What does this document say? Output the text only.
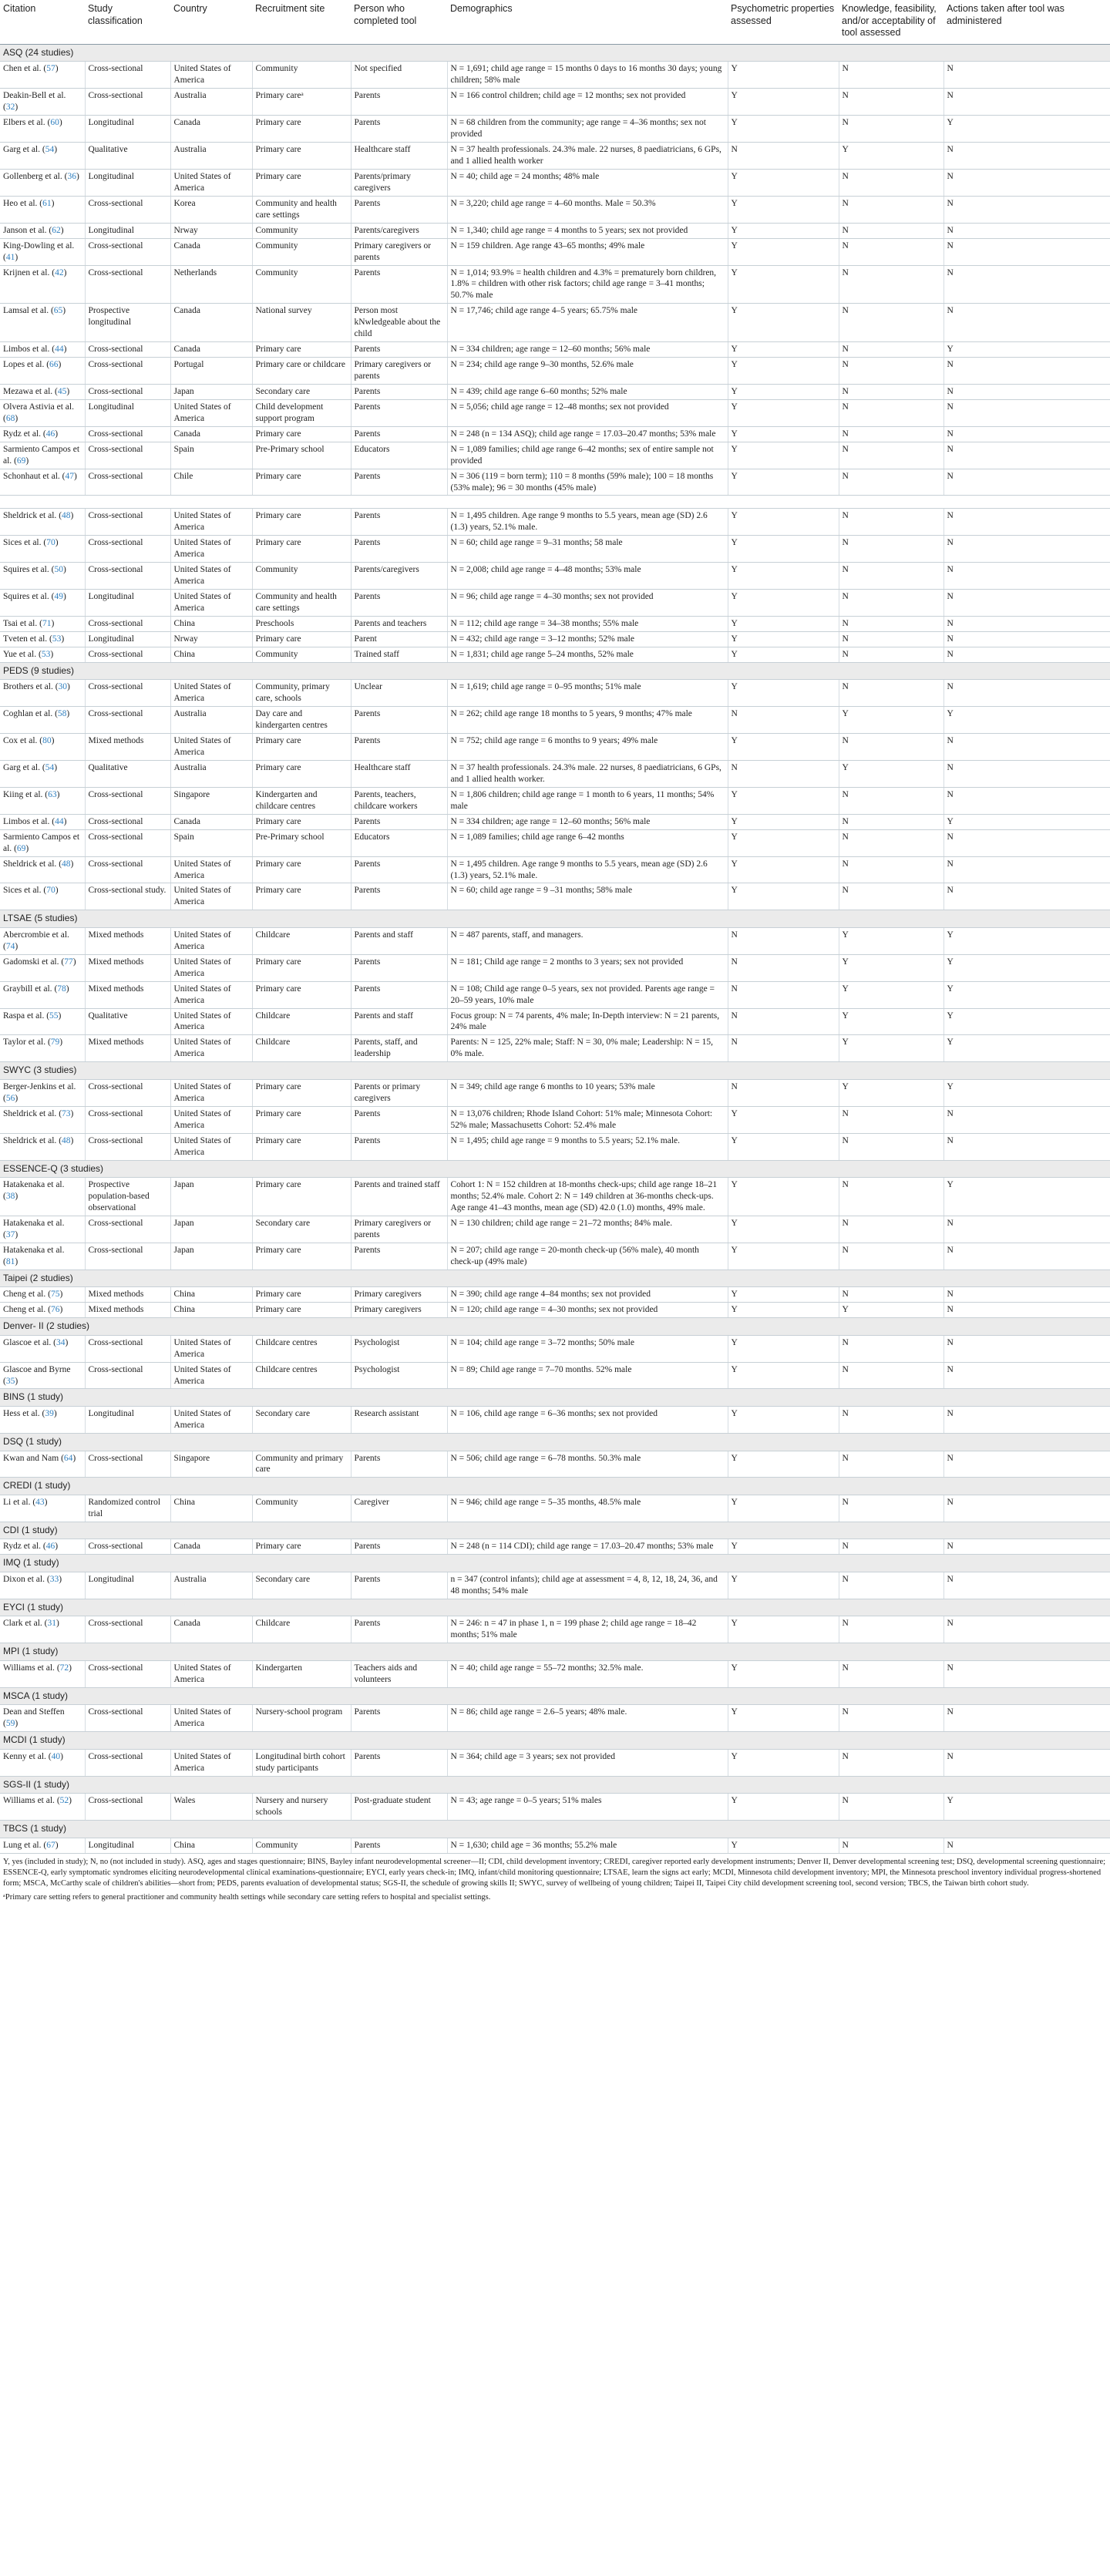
Citation	Study classification	Country	Recruitment site	Person who completed tool	Demographics	Psychometric properties assessed	Knowledge, feasibility, and/or acceptability of tool assessed	Actions taken after tool was administered
ASQ (24 studies)								
Chen et al. (57)	Cross-sectional	United States of America	Community	Not specified	N = 1,691; child age range = 15 months 0 days to 16 months 30 days; young children; 58% male	Y	N	N
Deakin-Bell et al. (32)	Cross-sectional	Australia	Primary careᵃ	Parents	N = 166 control children; child age = 12 months; sex not provided	Y	N	N
Elbers et al. (60)	Longitudinal	Canada	Primary care	Parents	N = 68 children from the community; age range = 4–36 months; sex not provided	Y	N	Y
Garg et al. (54)	Qualitative	Australia	Primary care	Healthcare staff	N = 37 health professionals. 24.3% male. 22 nurses, 8 paediatricians, 6 GPs, and 1 allied health worker	N	Y	N
Gollenberg et al. (36)	Longitudinal	United States of America	Primary care	Parents/primary caregivers	N = 40; child age = 24 months; 48% male	Y	N	N
Heo et al. (61)	Cross-sectional	Korea	Community and health care settings	Parents	N = 3,220; child age range = 4–60 months. Male = 50.3%	Y	N	N
Janson et al. (62)	Longitudinal	Nrway	Community	Parents/caregivers	N = 1,340; child age range = 4 months to 5 years; sex not provided	Y	N	N
King-Dowling et al. (41)	Cross-sectional	Canada	Community	Primary caregivers or parents	N = 159 children. Age range 43–65 months; 49% male	Y	N	N
Krijnen et al. (42)	Cross-sectional	Netherlands	Community	Parents	N = 1,014; 93.9% = health children and 4.3% = prematurely born children, 1.8% = children with other risk factors; child age range = 3–41 months; 50.7% male	Y	N	N
Lamsal et al. (65)	Prospective longitudinal	Canada	National survey	Person most kNwledgeable about the child	N = 17,746; child age range 4–5 years; 65.75% male	Y	N	N
Limbos et al. (44)	Cross-sectional	Canada	Primary care	Parents	N = 334 children; age range = 12–60 months; 56% male	Y	N	Y
Lopes et al. (66)	Cross-sectional	Portugal	Primary care or childcare	Primary caregivers or parents	N = 234; child age range 9–30 months, 52.6% male	Y	N	N
Mezawa et al. (45)	Cross-sectional	Japan	Secondary care	Parents	N = 439; child age range 6–60 months; 52% male	Y	N	N
Olvera Astivia et al. (68)	Longitudinal	United States of America	Child development support program	Parents	N = 5,056; child age range = 12–48 months; sex not provided	Y	N	N
Rydz et al. (46)	Cross-sectional	Canada	Primary care	Parents	N = 248 (n = 134 ASQ); child age range = 17.03–20.47 months; 53% male	Y	N	N
Sarmiento Campos et al. (69)	Cross-sectional	Spain	Pre-Primary school	Educators	N = 1,089 families; child age range 6–42 months; sex of entire sample not provided	Y	N	N
Schonhaut et al. (47)	Cross-sectional	Chile	Primary care	Parents	N = 306 (119 = born term); 110 = 8 months (59% male); 100 = 18 months (53% male); 96 = 30 months (45% male)	Y	N	N

Sheldrick et al. (48)	Cross-sectional	United States of America	Primary care	Parents	N = 1,495 children. Age range 9 months to 5.5 years, mean age (SD) 2.6 (1.3) years, 52.1% male.	Y	N	N
Sices et al. (70)	Cross-sectional	United States of America	Primary care	Parents	N = 60; child age range = 9–31 months; 58 male	Y	N	N
Squires et al. (50)	Cross-sectional	United States of America	Community	Parents/caregivers	N = 2,008; child age range = 4–48 months; 53% male	Y	N	N
Squires et al. (49)	Longitudinal	United States of America	Community and health care settings	Parents	N = 96; child age range = 4–30 months; sex not provided	Y	N	N
Tsai et al. (71)	Cross-sectional	China	Preschools	Parents and teachers	N = 112; child age range = 34–38 months; 55% male	Y	N	N
Tveten et al. (53)	Longitudinal	Nrway	Primary care	Parent	N = 432; child age range = 3–12 months; 52% male	Y	N	N
Yue et al. (53)	Cross-sectional	China	Community	Trained staff	N = 1,831; child age range 5–24 months, 52% male	Y	N	N
PEDS (9 studies)								
Brothers et al. (30)	Cross-sectional	United States of America	Community, primary care, schools	Unclear	N = 1,619; child age range = 0–95 months; 51% male	Y	N	N
Coghlan et al. (58)	Cross-sectional	Australia	Day care and kindergarten centres	Parents	N = 262; child age range 18 months to 5 years, 9 months; 47% male	N	Y	Y
Cox et al. (80)	Mixed methods	United States of America	Primary care	Parents	N = 752; child age range = 6 months to 9 years; 49% male	Y	N	N
Garg et al. (54)	Qualitative	Australia	Primary care	Healthcare staff	N = 37 health professionals. 24.3% male. 22 nurses, 8 paediatricians, 6 GPs, and 1 allied health worker.	N	Y	N
Kiing et al. (63)	Cross-sectional	Singapore	Kindergarten and childcare centres	Parents, teachers, childcare workers	N = 1,806 children; child age range = 1 month to 6 years, 11 months; 54% male	Y	N	N
Limbos et al. (44)	Cross-sectional	Canada	Primary care	Parents	N = 334 children; age range = 12–60 months; 56% male	Y	N	Y
Sarmiento Campos et al. (69)	Cross-sectional	Spain	Pre-Primary school	Educators	N = 1,089 families; child age range 6–42 months	Y	N	N
Sheldrick et al. (48)	Cross-sectional	United States of America	Primary care	Parents	N = 1,495 children. Age range 9 months to 5.5 years, mean age (SD) 2.6 (1.3) years, 52.1% male.	Y	N	N
Sices et al. (70)	Cross-sectional study.	United States of America	Primary care	Parents	N = 60; child age range = 9 –31 months; 58% male	Y	N	N
LTSAE (5 studies)								
Abercrombie et al. (74)	Mixed methods	United States of America	Childcare	Parents and staff	N = 487 parents, staff, and managers.	N	Y	Y
Gadomski et al. (77)	Mixed methods	United States of America	Primary care	Parents	N = 181; Child age range = 2 months to 3 years; sex not provided	N	Y	Y
Graybill et al. (78)	Mixed methods	United States of America	Primary care	Parents	N = 108; Child age range 0–5 years, sex not provided. Parents age range = 20–59 years, 10% male	N	Y	Y
Raspa et al. (55)	Qualitative	United States of America	Childcare	Parents and staff	Focus group: N = 74 parents, 4% male; In-Depth interview: N = 21 parents, 24% male	N	Y	Y
Taylor et al. (79)	Mixed methods	United States of America	Childcare	Parents, staff, and leadership	Parents: N = 125, 22% male; Staff: N = 30, 0% male; Leadership: N = 15, 0% male.	N	Y	Y
SWYC (3 studies)								
Berger-Jenkins et al. (56)	Cross-sectional	United States of America	Primary care	Parents or primary caregivers	N = 349; child age range 6 months to 10 years; 53% male	N	Y	Y
Sheldrick et al. (73)	Cross-sectional	United States of America	Primary care	Parents	N = 13,076 children; Rhode Island Cohort: 51% male; Minnesota Cohort: 52% male; Massachusetts Cohort: 52.4% male	Y	N	N
Sheldrick et al. (48)	Cross-sectional	United States of America	Primary care	Parents	N = 1,495; child age range = 9 months to 5.5 years; 52.1% male.	Y	N	N
ESSENCE-Q (3 studies)								
Hatakenaka et al. (38)	Prospective population-based observational	Japan	Primary care	Parents and trained staff	Cohort 1: N = 152 children at 18-months check-ups; child age range 18–21 months; 52.4% male. Cohort 2: N = 149 children at 36-months check-ups. Age range 41–43 months, mean age (SD) 42.0 (1.0) months, 49% male.	Y	N	Y
Hatakenaka et al. (37)	Cross-sectional	Japan	Secondary care	Primary caregivers or parents	N = 130 children; child age range = 21–72 months; 84% male.	Y	N	N
Hatakenaka et al. (81)	Cross-sectional	Japan	Primary care	Parents	N = 207; child age range = 20-month check-up (56% male), 40 month check-up (49% male)	Y	N	N
Taipei (2 studies)								
Cheng et al. (75)	Mixed methods	China	Primary care	Primary caregivers	N = 390; child age range 4–84 months; sex not provided	Y	N	N
Cheng et al. (76)	Mixed methods	China	Primary care	Primary caregivers	N = 120; child age range = 4–30 months; sex not provided	Y	Y	N
Denver- II (2 studies)								
Glascoe et al. (34)	Cross-sectional	United States of America	Childcare centres	Psychologist	N = 104; child age range = 3–72 months; 50% male	Y	N	N
Glascoe and Byrne (35)	Cross-sectional	United States of America	Childcare centres	Psychologist	N = 89; Child age range = 7–70 months. 52% male	Y	N	N
BINS (1 study)								
Hess et al. (39)	Longitudinal	United States of America	Secondary care	Research assistant	N = 106, child age range = 6–36 months; sex not provided	Y	N	N
DSQ (1 study)								
Kwan and Nam (64)	Cross-sectional	Singapore	Community and primary care	Parents	N = 506; child age range = 6–78 months. 50.3% male	Y	N	N
CREDI (1 study)								
Li et al. (43)	Randomized control trial	China	Community	Caregiver	N = 946; child age range = 5–35 months, 48.5% male	Y	N	N
CDI (1 study)								
Rydz et al. (46)	Cross-sectional	Canada	Primary care	Parents	N = 248 (n = 114 CDI); child age range = 17.03–20.47 months; 53% male	Y	N	N
IMQ (1 study)								
Dixon et al. (33)	Longitudinal	Australia	Secondary care	Parents	n = 347 (control infants); child age at assessment = 4, 8, 12, 18, 24, 36, and 48 months; 54% male	Y	N	N
EYCI (1 study)								
Clark et al. (31)	Cross-sectional	Canada	Childcare	Parents	N = 246: n = 47 in phase 1, n = 199 phase 2; child age range = 18–42 months; 51% male	Y	N	N
MPI (1 study)								
Williams et al. (72)	Cross-sectional	United States of America	Kindergarten	Teachers aids and volunteers	N = 40; child age range = 55–72 months; 32.5% male.	Y	N	N
MSCA (1 study)								
Dean and Steffen (59)	Cross-sectional	United States of America	Nursery-school program	Parents	N = 86; child age range = 2.6–5 years; 48% male.	Y	N	N
MCDI (1 study)								
Kenny et al. (40)	Cross-sectional	United States of America	Longitudinal birth cohort study participants	Parents	N = 364; child age = 3 years; sex not provided	Y	N	N
SGS-II (1 study)								
Williams et al. (52)	Cross-sectional	Wales	Nursery and nursery schools	Post-graduate student	N = 43; age range = 0–5 years; 51% males	Y	N	Y
TBCS (1 study)								
Lung et al. (67)	Longitudinal	China	Community	Parents	N = 1,630; child age = 36 months; 55.2% male	Y	N	N
Y, yes (included in study); N, no (not included in study). ASQ, ages and stages questionnaire; BINS, Bayley infant neurodevelopmental screener—II; CDI, child development inventory; CREDI, caregiver reported early development instruments; Denver II, Denver developmental screening test; DSQ, developmental screening questionnaire; ESSENCE-Q, early symptomatic syndromes eliciting neurodevelopmental clinical examinations-questionnaire; EYCI, early years check-in; IMQ, infant/child monitoring questionnaire; LTSAE, learn the signs act early; MCDI, Minnesota child development inventory; MPI, the Minnesota preschool inventory individual progress-shortened form; MSCA, McCarthy scale of children's abilities—short from; PEDS, parents evaluation of developmental status; SGS-II, the schedule of growing skills II; SWYC, survey of wellbeing of young children; Taipei II, Taipei City child development screening tool, second version; TBCS, the Taiwan birth cohort study.
ᵃPrimary care setting refers to general practitioner and community health settings while secondary care setting refers to hospital and specialist settings.
